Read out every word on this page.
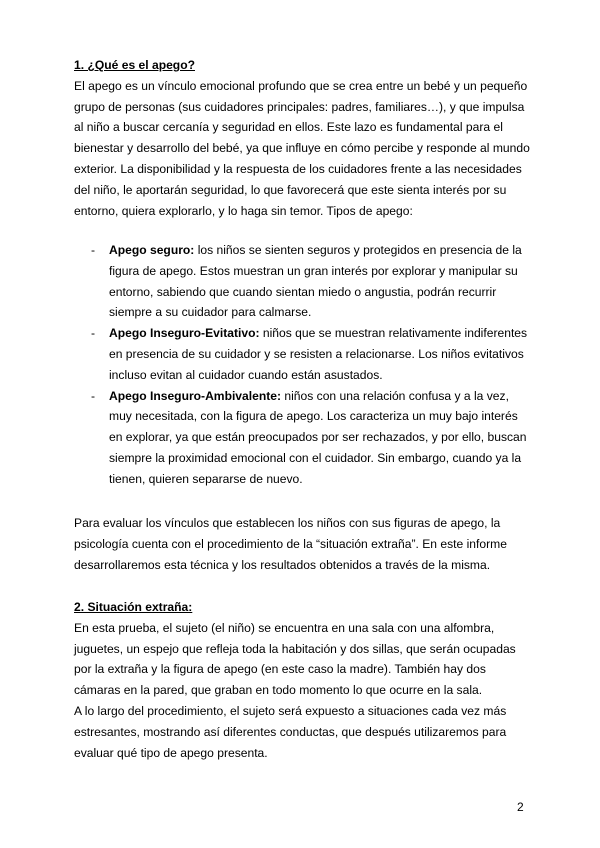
1. ¿Qué es el apego?

El apego es un vínculo emocional profundo que se crea entre un bebé y un pequeño grupo de personas (sus cuidadores principales: padres, familiares…), y que impulsa al niño a buscar cercanía y seguridad en ellos. Este lazo es fundamental para el bienestar y desarrollo del bebé, ya que influye en cómo percibe y responde al mundo exterior. La disponibilidad y la respuesta de los cuidadores frente a las necesidades del niño, le aportarán seguridad, lo que favorecerá que este sienta interés por su entorno, quiera explorarlo, y lo haga sin temor. Tipos de apego:

- Apego seguro: los niños se sienten seguros y protegidos en presencia de la figura de apego. Estos muestran un gran interés por explorar y manipular su entorno, sabiendo que cuando sientan miedo o angustia, podrán recurrir siempre a su cuidador para calmarse.
- Apego Inseguro-Evitativo: niños que se muestran relativamente indiferentes en presencia de su cuidador y se resisten a relacionarse. Los niños evitativos incluso evitan al cuidador cuando están asustados.
- Apego Inseguro-Ambivalente: niños con una relación confusa y a la vez, muy necesitada, con la figura de apego. Los caracteriza un muy bajo interés en explorar, ya que están preocupados por ser rechazados, y por ello, buscan siempre la proximidad emocional con el cuidador. Sin embargo, cuando ya la tienen, quieren separarse de nuevo.

Para evaluar los vínculos que establecen los niños con sus figuras de apego, la psicología cuenta con el procedimiento de la “situación extraña”. En este informe desarrollaremos esta técnica y los resultados obtenidos a través de la misma.

2. Situación extraña:

En esta prueba, el sujeto (el niño) se encuentra en una sala con una alfombra, juguetes, un espejo que refleja toda la habitación y dos sillas, que serán ocupadas por la extraña y la figura de apego (en este caso la madre). También hay dos cámaras en la pared, que graban en todo momento lo que ocurre en la sala.

A lo largo del procedimiento, el sujeto será expuesto a situaciones cada vez más estresantes, mostrando así diferentes conductas, que después utilizaremos para evaluar qué tipo de apego presenta.

2
